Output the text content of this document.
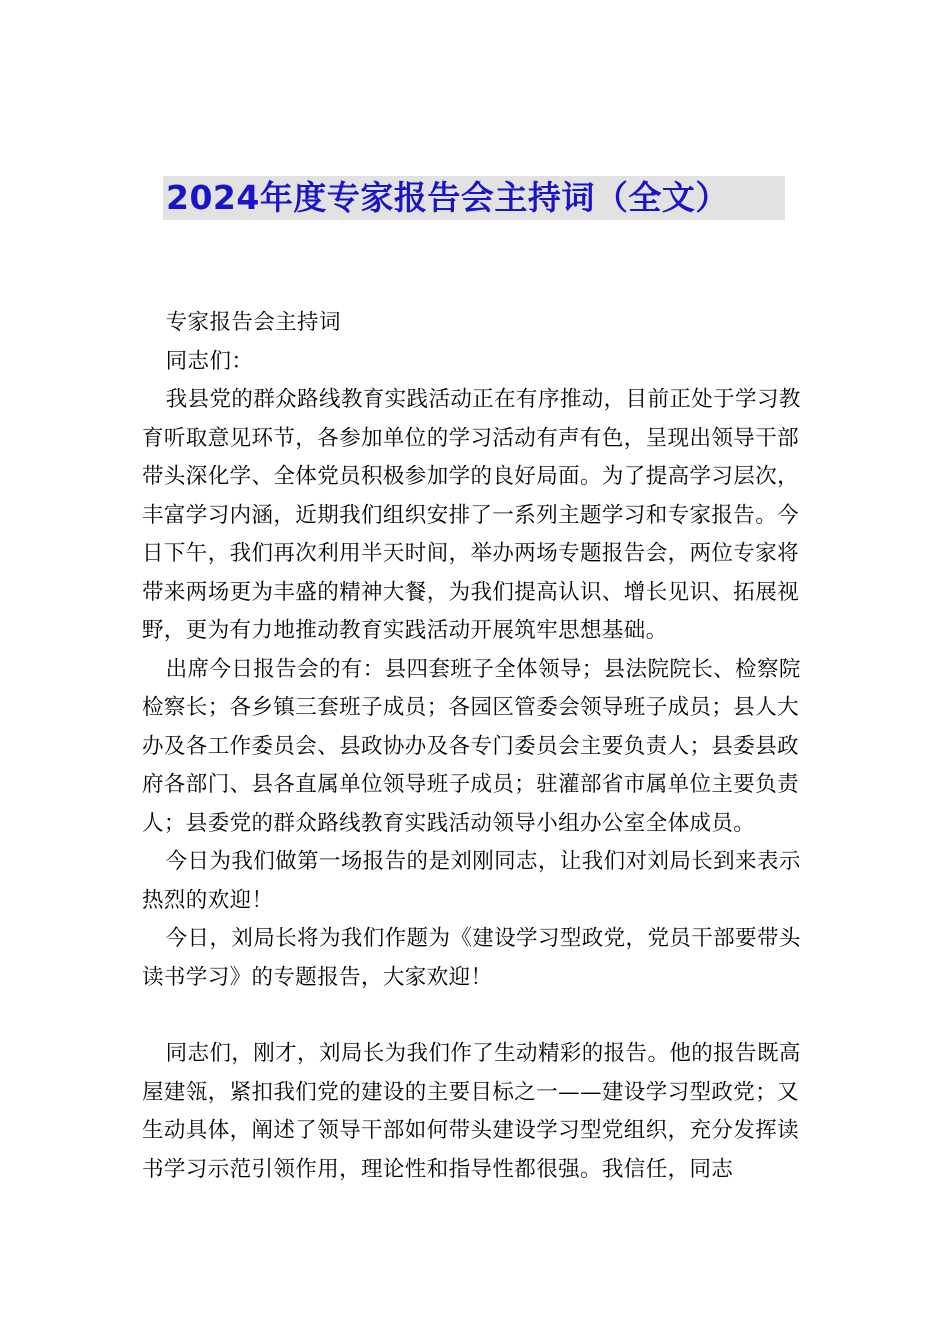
2024年度专家报告会主持词（全文）

专家报告会主持词

同志们：

我县党的群众路线教育实践活动正在有序推动，目前正处于学习教育听取意见环节，各参加单位的学习活动有声有色，呈现出领导干部带头深化学、全体党员积极参加学的良好局面。为了提高学习层次，丰富学习内涵，近期我们组织安排了一系列主题学习和专家报告。今日下午，我们再次利用半天时间，举办两场专题报告会，两位专家将带来两场更为丰盛的精神大餐，为我们提高认识、增长见识、拓展视野，更为有力地推动教育实践活动开展筑牢思想基础。

出席今日报告会的有：县四套班子全体领导；县法院院长、检察院检察长；各乡镇三套班子成员；各园区管委会领导班子成员；县人大办及各工作委员会、县政协办及各专门委员会主要负责人；县委县政府各部门、县各直属单位领导班子成员；驻灌部省市属单位主要负责人；县委党的群众路线教育实践活动领导小组办公室全体成员。

今日为我们做第一场报告的是刘刚同志，让我们对刘局长到来表示热烈的欢迎！

今日，刘局长将为我们作题为《建设学习型政党，党员干部要带头读书学习》的专题报告，大家欢迎！

同志们，刚才，刘局长为我们作了生动精彩的报告。他的报告既高屋建瓴，紧扣我们党的建设的主要目标之一——建设学习型政党；又生动具体，阐述了领导干部如何带头建设学习型党组织，充分发挥读书学习示范引领作用，理论性和指导性都很强。我信任，同志
